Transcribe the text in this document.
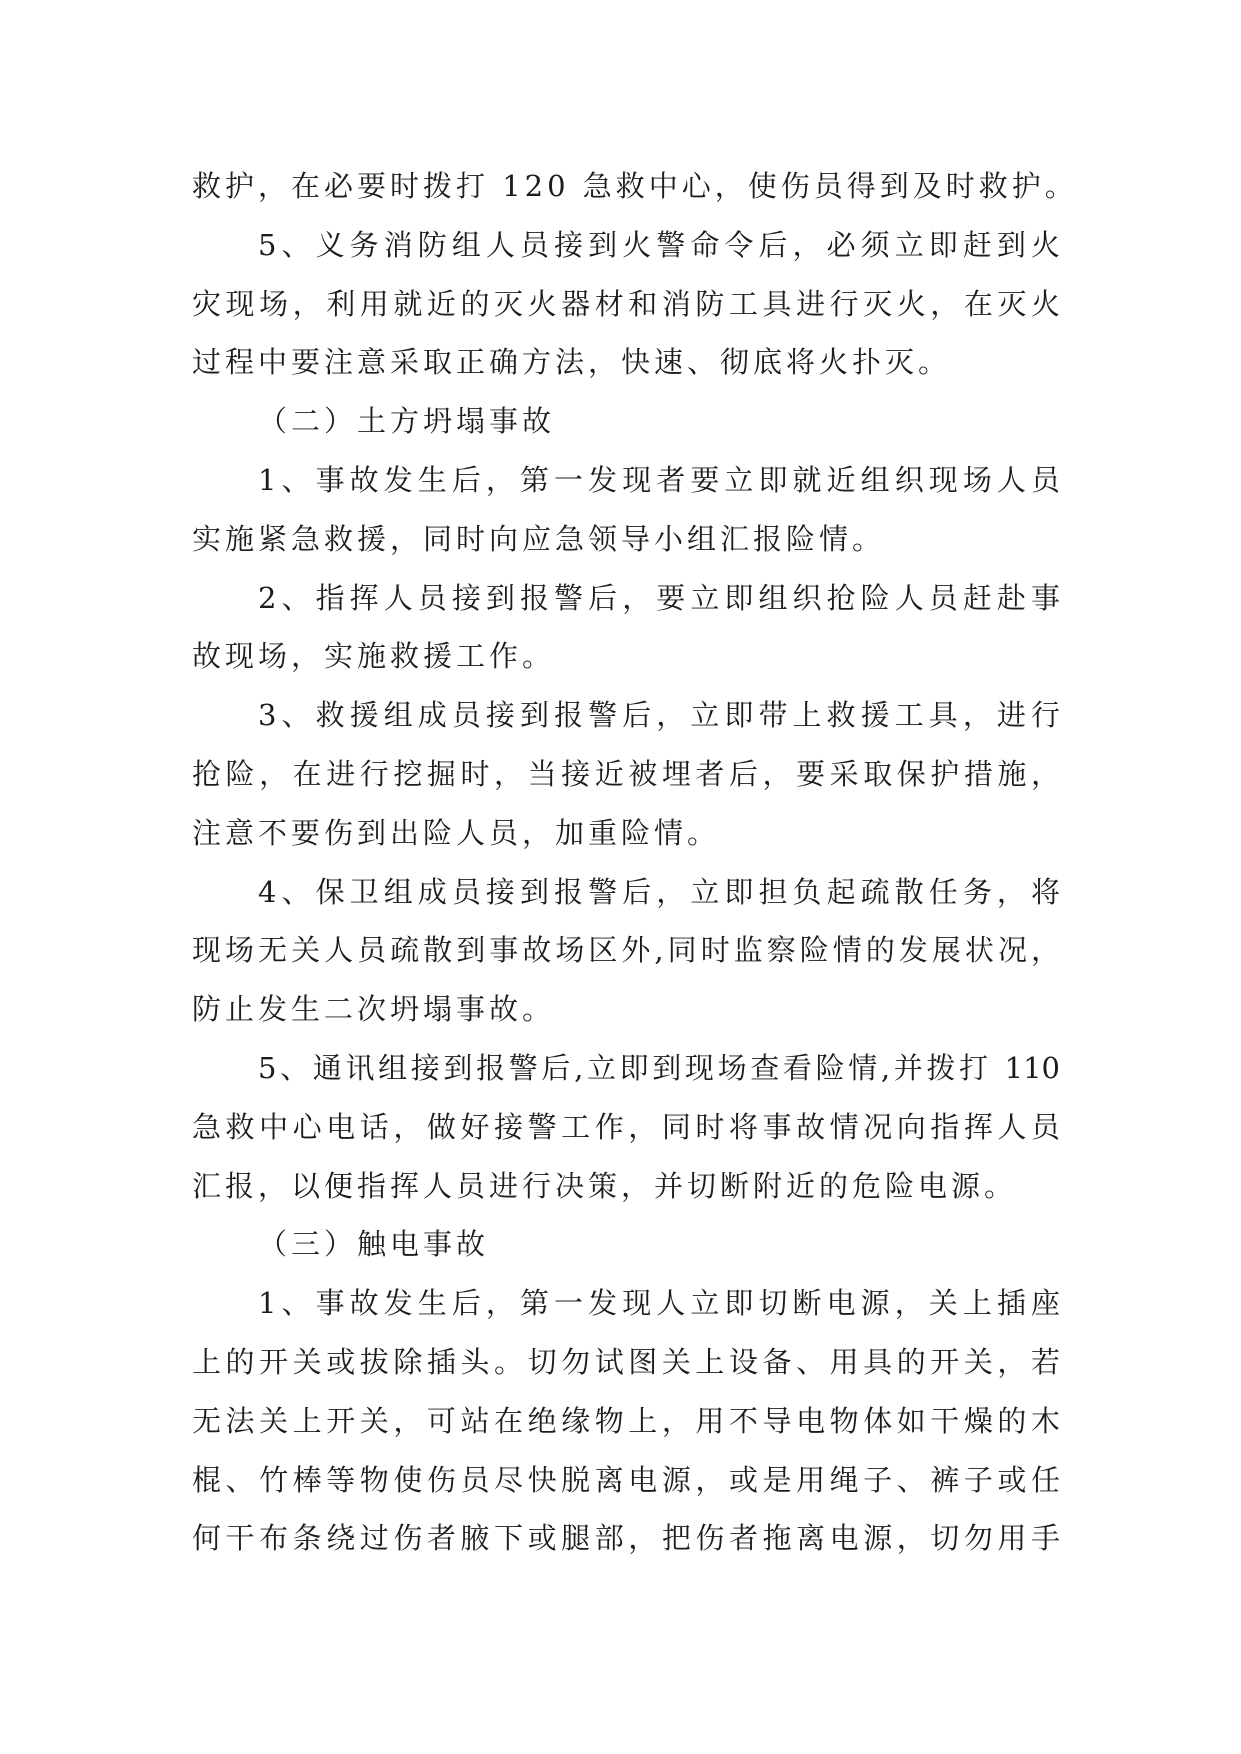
救护，在必要时拨打 120 急救中心，使伤员得到及时救护。
5、义务消防组人员接到火警命令后，必须立即赶到火
灾现场，利用就近的灭火器材和消防工具进行灭火，在灭火
过程中要注意采取正确方法，快速、彻底将火扑灭。
（二）土方坍塌事故
1、事故发生后，第一发现者要立即就近组织现场人员
实施紧急救援，同时向应急领导小组汇报险情。
2、指挥人员接到报警后，要立即组织抢险人员赶赴事
故现场，实施救援工作。
3、救援组成员接到报警后，立即带上救援工具，进行
抢险，在进行挖掘时，当接近被埋者后，要采取保护措施，
注意不要伤到出险人员，加重险情。
4、保卫组成员接到报警后，立即担负起疏散任务，将
现场无关人员疏散到事故场区外,同时监察险情的发展状况，
防止发生二次坍塌事故。
5、通讯组接到报警后,立即到现场查看险情,并拨打 110
急救中心电话，做好接警工作，同时将事故情况向指挥人员
汇报，以便指挥人员进行决策，并切断附近的危险电源。
（三）触电事故
1、事故发生后，第一发现人立即切断电源，关上插座
上的开关或拔除插头。切勿试图关上设备、用具的开关，若
无法关上开关，可站在绝缘物上，用不导电物体如干燥的木
棍、竹棒等物使伤员尽快脱离电源，或是用绳子、裤子或任
何干布条绕过伤者腋下或腿部，把伤者拖离电源，切勿用手
